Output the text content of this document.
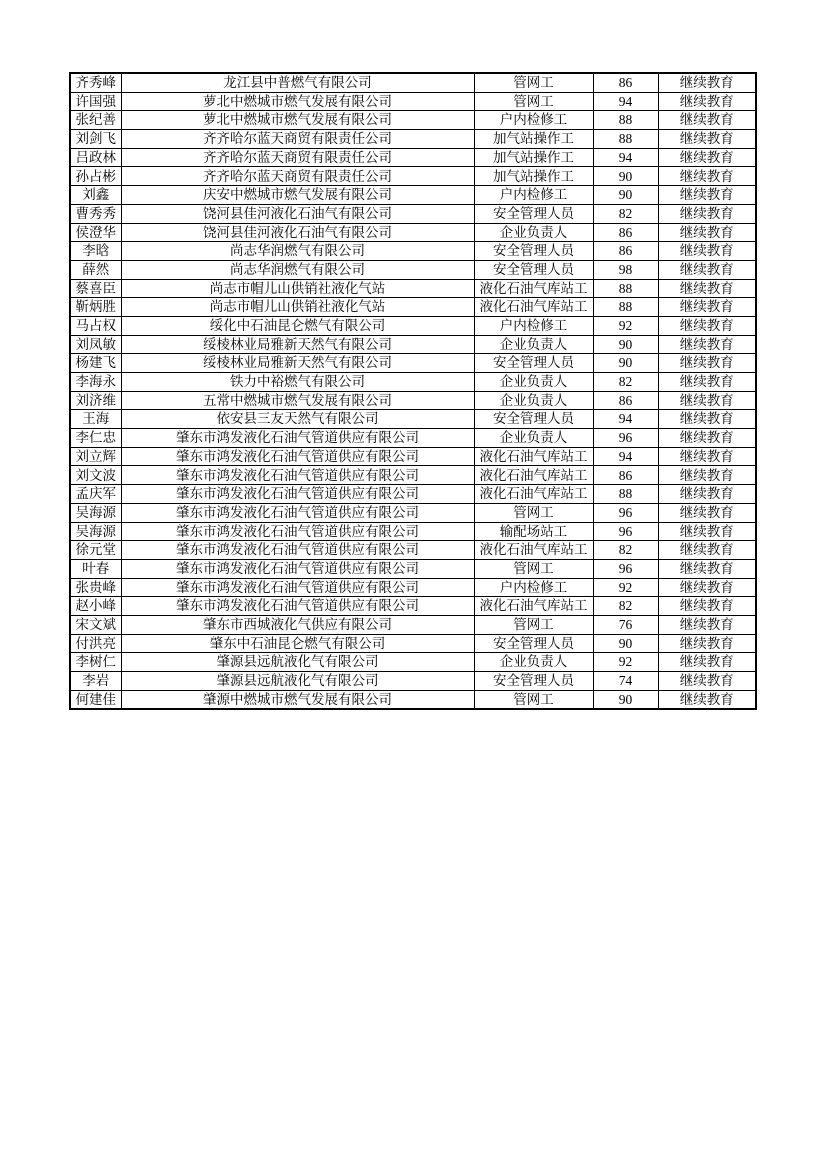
齐秀峰	龙江县中普燃气有限公司	管网工	86	继续教育
许国强	萝北中燃城市燃气发展有限公司	管网工	94	继续教育
张纪善	萝北中燃城市燃气发展有限公司	户内检修工	88	继续教育
刘剑飞	齐齐哈尔蓝天商贸有限责任公司	加气站操作工	88	继续教育
吕政林	齐齐哈尔蓝天商贸有限责任公司	加气站操作工	94	继续教育
孙占彬	齐齐哈尔蓝天商贸有限责任公司	加气站操作工	90	继续教育
刘鑫	庆安中燃城市燃气发展有限公司	户内检修工	90	继续教育
曹秀秀	饶河县佳河液化石油气有限公司	安全管理人员	82	继续教育
侯澄华	饶河县佳河液化石油气有限公司	企业负责人	86	继续教育
李晗	尚志华润燃气有限公司	安全管理人员	86	继续教育
薛然	尚志华润燃气有限公司	安全管理人员	98	继续教育
蔡喜臣	尚志市帽儿山供销社液化气站	液化石油气库站工	88	继续教育
靳炳胜	尚志市帽儿山供销社液化气站	液化石油气库站工	88	继续教育
马占权	绥化中石油昆仑燃气有限公司	户内检修工	92	继续教育
刘凤敏	绥棱林业局雅新天然气有限公司	企业负责人	90	继续教育
杨建飞	绥棱林业局雅新天然气有限公司	安全管理人员	90	继续教育
李海永	铁力中裕燃气有限公司	企业负责人	82	继续教育
刘济维	五常中燃城市燃气发展有限公司	企业负责人	86	继续教育
王海	依安县三友天然气有限公司	安全管理人员	94	继续教育
李仁忠	肇东市鸿发液化石油气管道供应有限公司	企业负责人	96	继续教育
刘立辉	肇东市鸿发液化石油气管道供应有限公司	液化石油气库站工	94	继续教育
刘文波	肇东市鸿发液化石油气管道供应有限公司	液化石油气库站工	86	继续教育
孟庆军	肇东市鸿发液化石油气管道供应有限公司	液化石油气库站工	88	继续教育
吴海源	肇东市鸿发液化石油气管道供应有限公司	管网工	96	继续教育
吴海源	肇东市鸿发液化石油气管道供应有限公司	输配场站工	96	继续教育
徐元堂	肇东市鸿发液化石油气管道供应有限公司	液化石油气库站工	82	继续教育
叶春	肇东市鸿发液化石油气管道供应有限公司	管网工	96	继续教育
张贵峰	肇东市鸿发液化石油气管道供应有限公司	户内检修工	92	继续教育
赵小峰	肇东市鸿发液化石油气管道供应有限公司	液化石油气库站工	82	继续教育
宋文斌	肇东市西城液化气供应有限公司	管网工	76	继续教育
付洪亮	肇东中石油昆仑燃气有限公司	安全管理人员	90	继续教育
李树仁	肇源县远航液化气有限公司	企业负责人	92	继续教育
李岩	肇源县远航液化气有限公司	安全管理人员	74	继续教育
何建佳	肇源中燃城市燃气发展有限公司	管网工	90	继续教育
